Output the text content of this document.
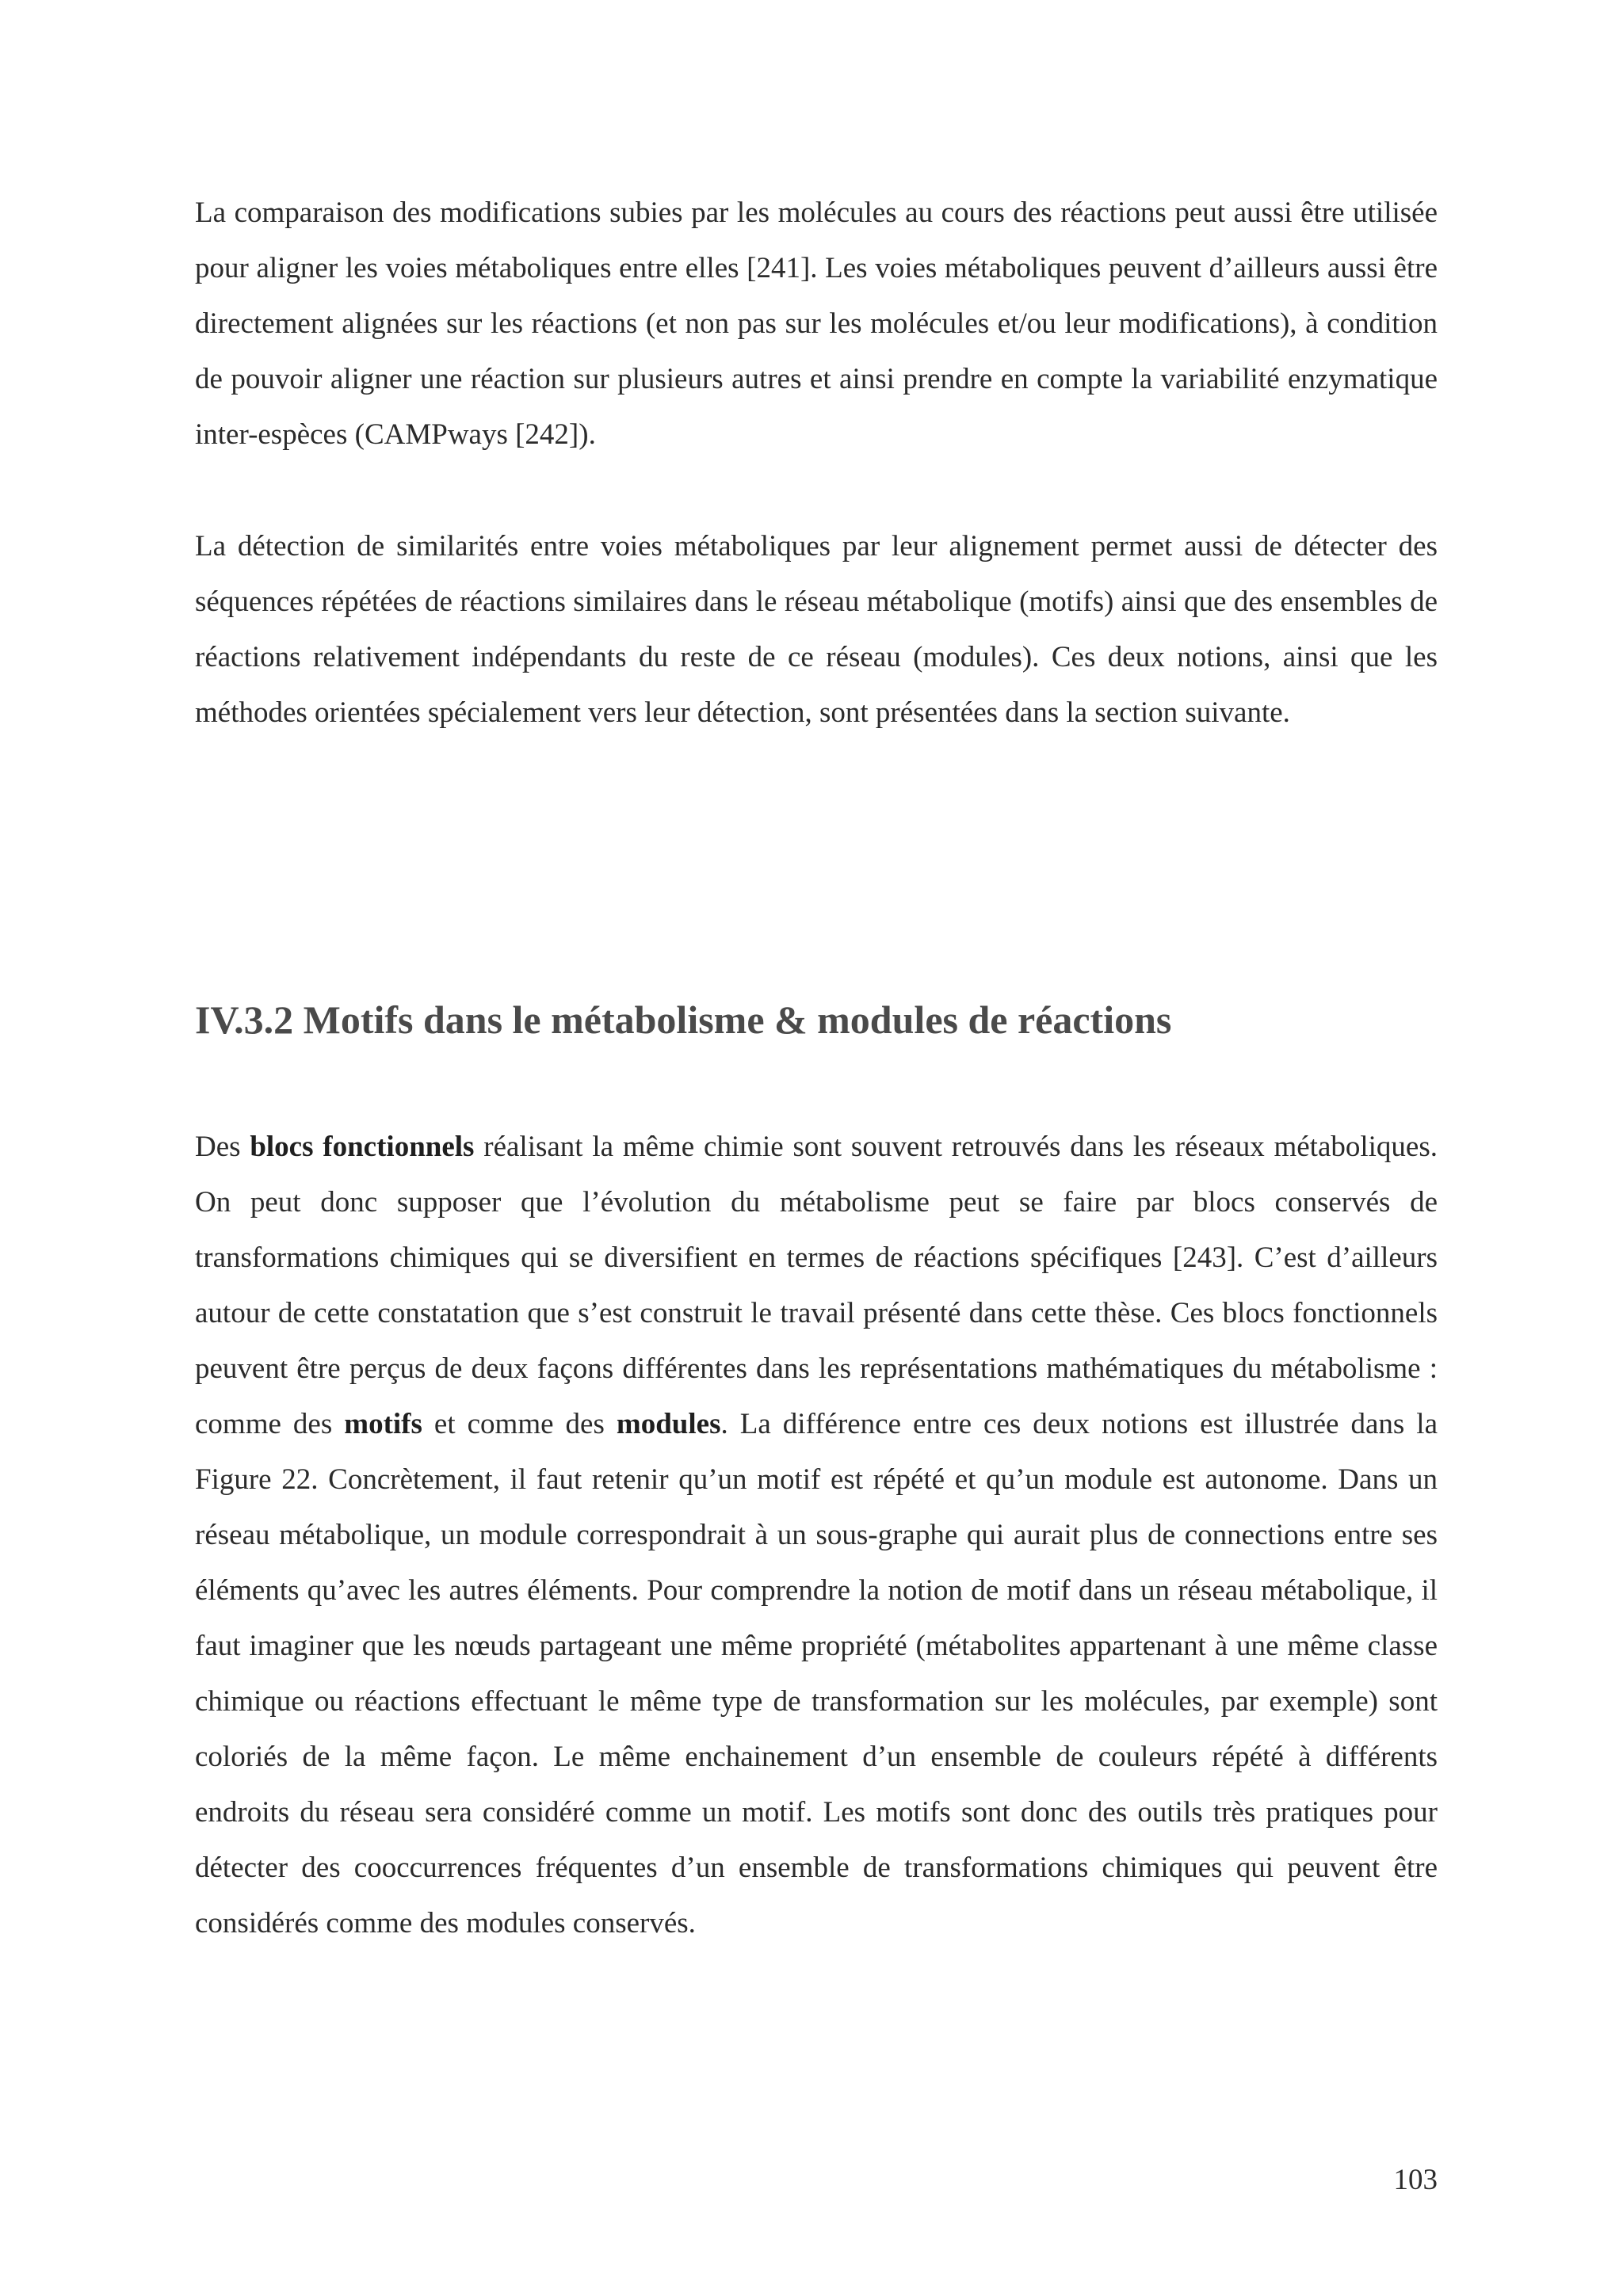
La comparaison des modifications subies par les molécules au cours des réactions peut aussi être utilisée pour aligner les voies métaboliques entre elles [241]. Les voies métaboliques peuvent d’ailleurs aussi être directement alignées sur les réactions (et non pas sur les molécules et/ou leur modifications), à condition de pouvoir aligner une réaction sur plusieurs autres et ainsi prendre en compte la variabilité enzymatique inter-espèces (CAMPways [242]).

La détection de similarités entre voies métaboliques par leur alignement permet aussi de détecter des séquences répétées de réactions similaires dans le réseau métabolique (motifs) ainsi que des ensembles de réactions relativement indépendants du reste de ce réseau (modules). Ces deux notions, ainsi que les méthodes orientées spécialement vers leur détection, sont présentées dans la section suivante.

IV.3.2 Motifs dans le métabolisme & modules de réactions

Des blocs fonctionnels réalisant la même chimie sont souvent retrouvés dans les réseaux métaboliques. On peut donc supposer que l’évolution du métabolisme peut se faire par blocs conservés de transformations chimiques qui se diversifient en termes de réactions spécifiques [243]. C’est d’ailleurs autour de cette constatation que s’est construit le travail présenté dans cette thèse. Ces blocs fonctionnels peuvent être perçus de deux façons différentes dans les représentations mathématiques du métabolisme : comme des motifs et comme des modules. La différence entre ces deux notions est illustrée dans la Figure 22. Concrètement, il faut retenir qu’un motif est répété et qu’un module est autonome. Dans un réseau métabolique, un module correspondrait à un sous-graphe qui aurait plus de connections entre ses éléments qu’avec les autres éléments. Pour comprendre la notion de motif dans un réseau métabolique, il faut imaginer que les nœuds partageant une même propriété (métabolites appartenant à une même classe chimique ou réactions effectuant le même type de transformation sur les molécules, par exemple) sont coloriés de la même façon. Le même enchainement d’un ensemble de couleurs répété à différents endroits du réseau sera considéré comme un motif. Les motifs sont donc des outils très pratiques pour détecter des cooccurrences fréquentes d’un ensemble de transformations chimiques qui peuvent être considérés comme des modules conservés.

103
